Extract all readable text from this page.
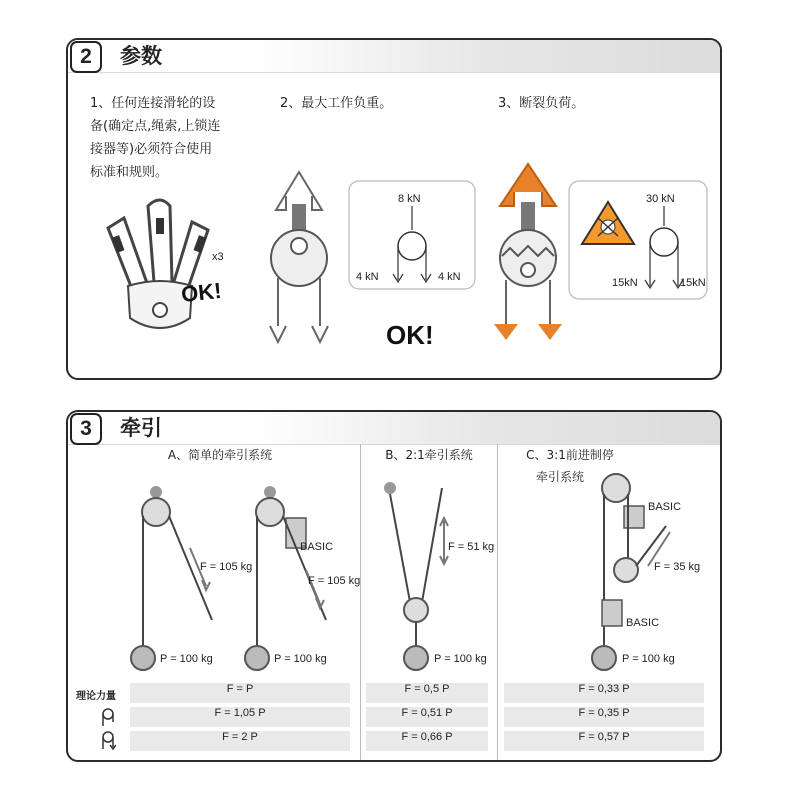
2	参数
1、任何连接滑轮的设
备(确定点,绳索,上锁连
接器等)必须符合使用
标准和规则。
2、最大工作负重。	3、断裂负荷。
OK!
x3
8 kN
4 kN	4 kN
OK!
30 kN
15kN	15kN
3	牵引
A、简单的牵引系统	B、2:1牵引系统	C、3:1前进制停
牵引系统
F = 105 kg
P = 100 kg
BASIC
F = 105 kg
P = 100 kg
F = 51 kg
P = 100 kg
BASIC
F = 35 kg
BASIC
P = 100 kg
理论力量
F = P	F = 0,5 P	F = 0,33 P
F = 1,05 P	F = 0,51 P	F = 0,35 P
F = 2 P	F = 0,66 P	F = 0,57 P
